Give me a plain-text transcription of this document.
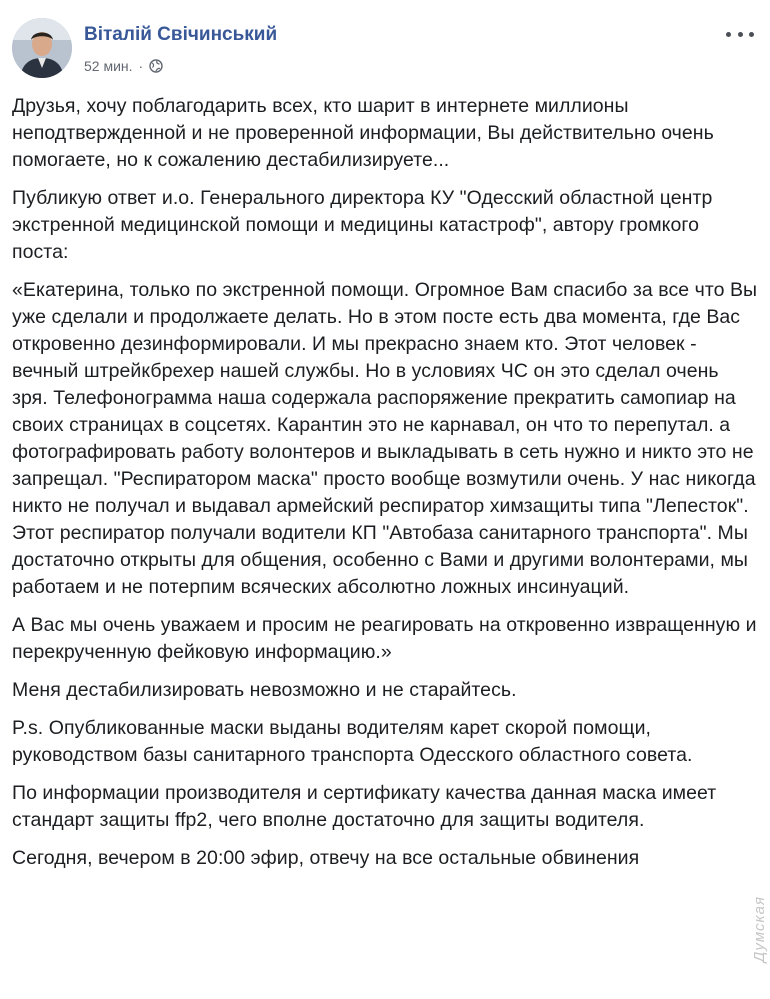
Віталій Свічинський
52 мин. ·

Друзья, хочу поблагодарить всех, кто шарит в интернете миллионы неподтвержденной и не проверенной информации, Вы действительно очень помогаете, но к сожалению дестабилизируете...

Публикую ответ и.о. Генерального директора КУ "Одесский областной центр экстренной медицинской помощи и медицины катастроф", автору громкого поста:

«Екатерина, только по экстренной помощи. Огромное Вам спасибо за все что Вы уже сделали и продолжаете делать. Но в этом посте есть два момента, где Вас откровенно дезинформировали. И мы прекрасно знаем кто. Этот человек - вечный штрейкбрехер нашей службы. Но в условиях ЧС он это сделал очень зря. Телефонограмма наша содержала распоряжение прекратить самопиар на своих страницах в соцсетях. Карантин это не карнавал, он что то перепутал. а фотографировать работу волонтеров и выкладывать в сеть нужно и никто это не запрещал. "Респиратором маска" просто вообще возмутили очень. У нас никогда никто не получал и выдавал армейский респиратор химзащиты типа "Лепесток". Этот респиратор получали водители КП "Автобаза санитарного транспорта". Мы достаточно открыты для общения, особенно с Вами и другими волонтерами, мы работаем и не потерпим всяческих абсолютно ложных инсинуаций.

А Вас мы очень уважаем и просим не реагировать на откровенно извращенную и перекрученную фейковую информацию.»

Меня дестабилизировать невозможно и не старайтесь.

P.s. Опубликованные маски выданы водителям карет скорой помощи, руководством базы санитарного транспорта Одесского областного совета.

По информации производителя и сертификату качества данная маска имеет стандарт защиты ffp2, чего вполне достаточно для защиты водителя.

Сегодня, вечером в 20:00 эфир, отвечу на все остальные обвинения

Думская
